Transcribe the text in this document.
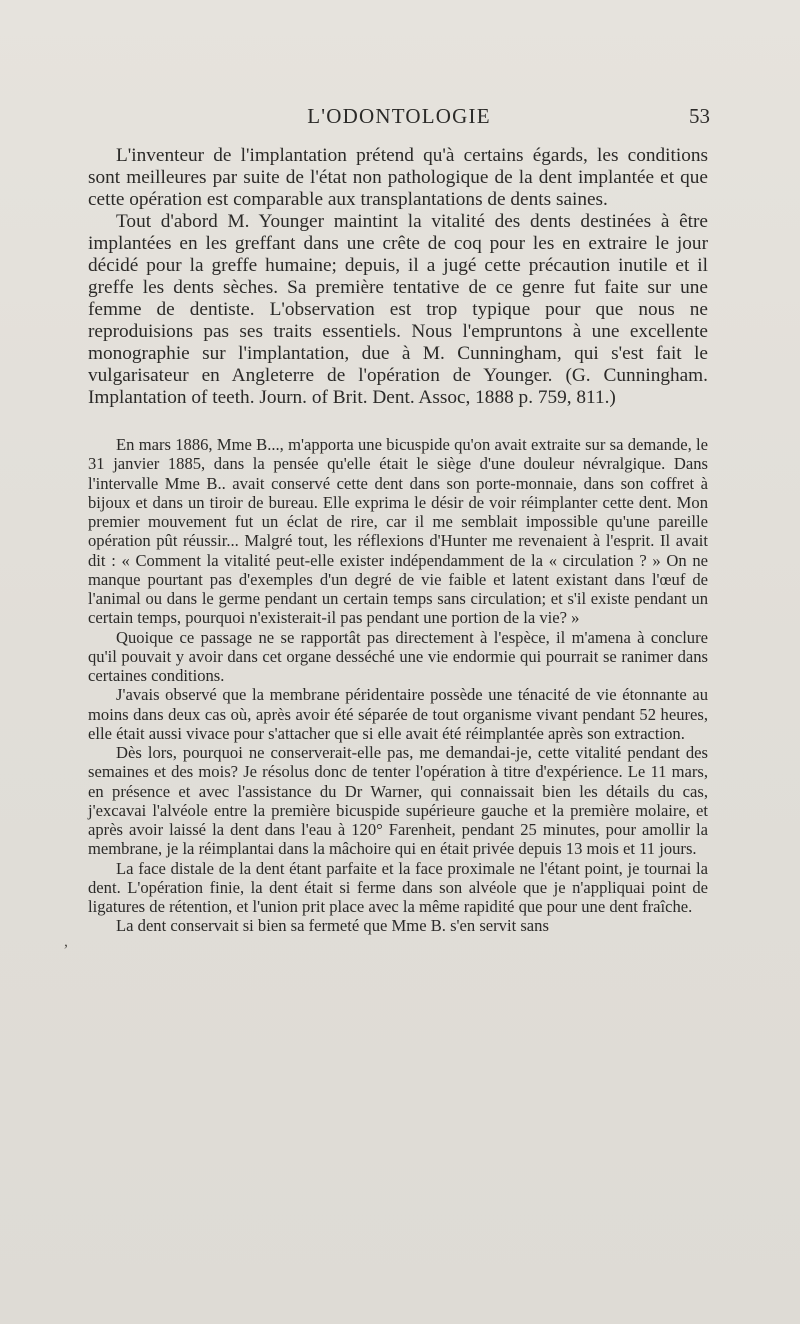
L'ODONTOLOGIE	53
,

L'inventeur de l'implantation prétend qu'à certains égards, les conditions sont meilleures par suite de l'état non pathologique de la dent implantée et que cette opération est comparable aux transplantations de dents saines.

Tout d'abord M. Younger maintint la vitalité des dents destinées à être implantées en les greffant dans une crête de coq pour les en extraire le jour décidé pour la greffe humaine; depuis, il a jugé cette précaution inutile et il greffe les dents sèches. Sa première tentative de ce genre fut faite sur une femme de dentiste. L'observation est trop typique pour que nous ne reproduisions pas ses traits essentiels. Nous l'empruntons à une excellente monographie sur l'implantation, due à M. Cunningham, qui s'est fait le vulgarisateur en Angleterre de l'opération de Younger. (G. Cunningham. Implantation of teeth. Journ. of Brit. Dent. Assoc, 1888 p. 759, 811.)

En mars 1886, Mme B..., m'apporta une bicuspide qu'on avait extraite sur sa demande, le 31 janvier 1885, dans la pensée qu'elle était le siège d'une douleur névralgique. Dans l'intervalle Mme B.. avait conservé cette dent dans son porte-monnaie, dans son coffret à bijoux et dans un tiroir de bureau. Elle exprima le désir de voir réimplanter cette dent. Mon premier mouvement fut un éclat de rire, car il me semblait impossible qu'une pareille opération pût réussir... Malgré tout, les réflexions d'Hunter me revenaient à l'esprit. Il avait dit : « Comment la vitalité peut-elle exister indépendamment de la « circulation ? » On ne manque pourtant pas d'exemples d'un degré de vie faible et latent existant dans l'œuf de l'animal ou dans le germe pendant un certain temps sans circulation; et s'il existe pendant un certain temps, pourquoi n'existerait-il pas pendant une portion de la vie? »

Quoique ce passage ne se rapportât pas directement à l'espèce, il m'amena à conclure qu'il pouvait y avoir dans cet organe desséché une vie endormie qui pourrait se ranimer dans certaines conditions.

J'avais observé que la membrane péridentaire possède une ténacité de vie étonnante au moins dans deux cas où, après avoir été séparée de tout organisme vivant pendant 52 heures, elle était aussi vivace pour s'attacher que si elle avait été réimplantée après son extraction.

Dès lors, pourquoi ne conserverait-elle pas, me demandai-je, cette vitalité pendant des semaines et des mois? Je résolus donc de tenter l'opération à titre d'expérience. Le 11 mars, en présence et avec l'assistance du Dr Warner, qui connaissait bien les détails du cas, j'excavai l'alvéole entre la première bicuspide supérieure gauche et la première molaire, et après avoir laissé la dent dans l'eau à 120° Farenheit, pendant 25 minutes, pour amollir la membrane, je la réimplantai dans la mâchoire qui en était privée depuis 13 mois et 11 jours.

La face distale de la dent étant parfaite et la face proximale ne l'étant point, je tournai la dent. L'opération finie, la dent était si ferme dans son alvéole que je n'appliquai point de ligatures de rétention, et l'union prit place avec la même rapidité que pour une dent fraîche.

La dent conservait si bien sa fermeté que Mme B. s'en servit sans
